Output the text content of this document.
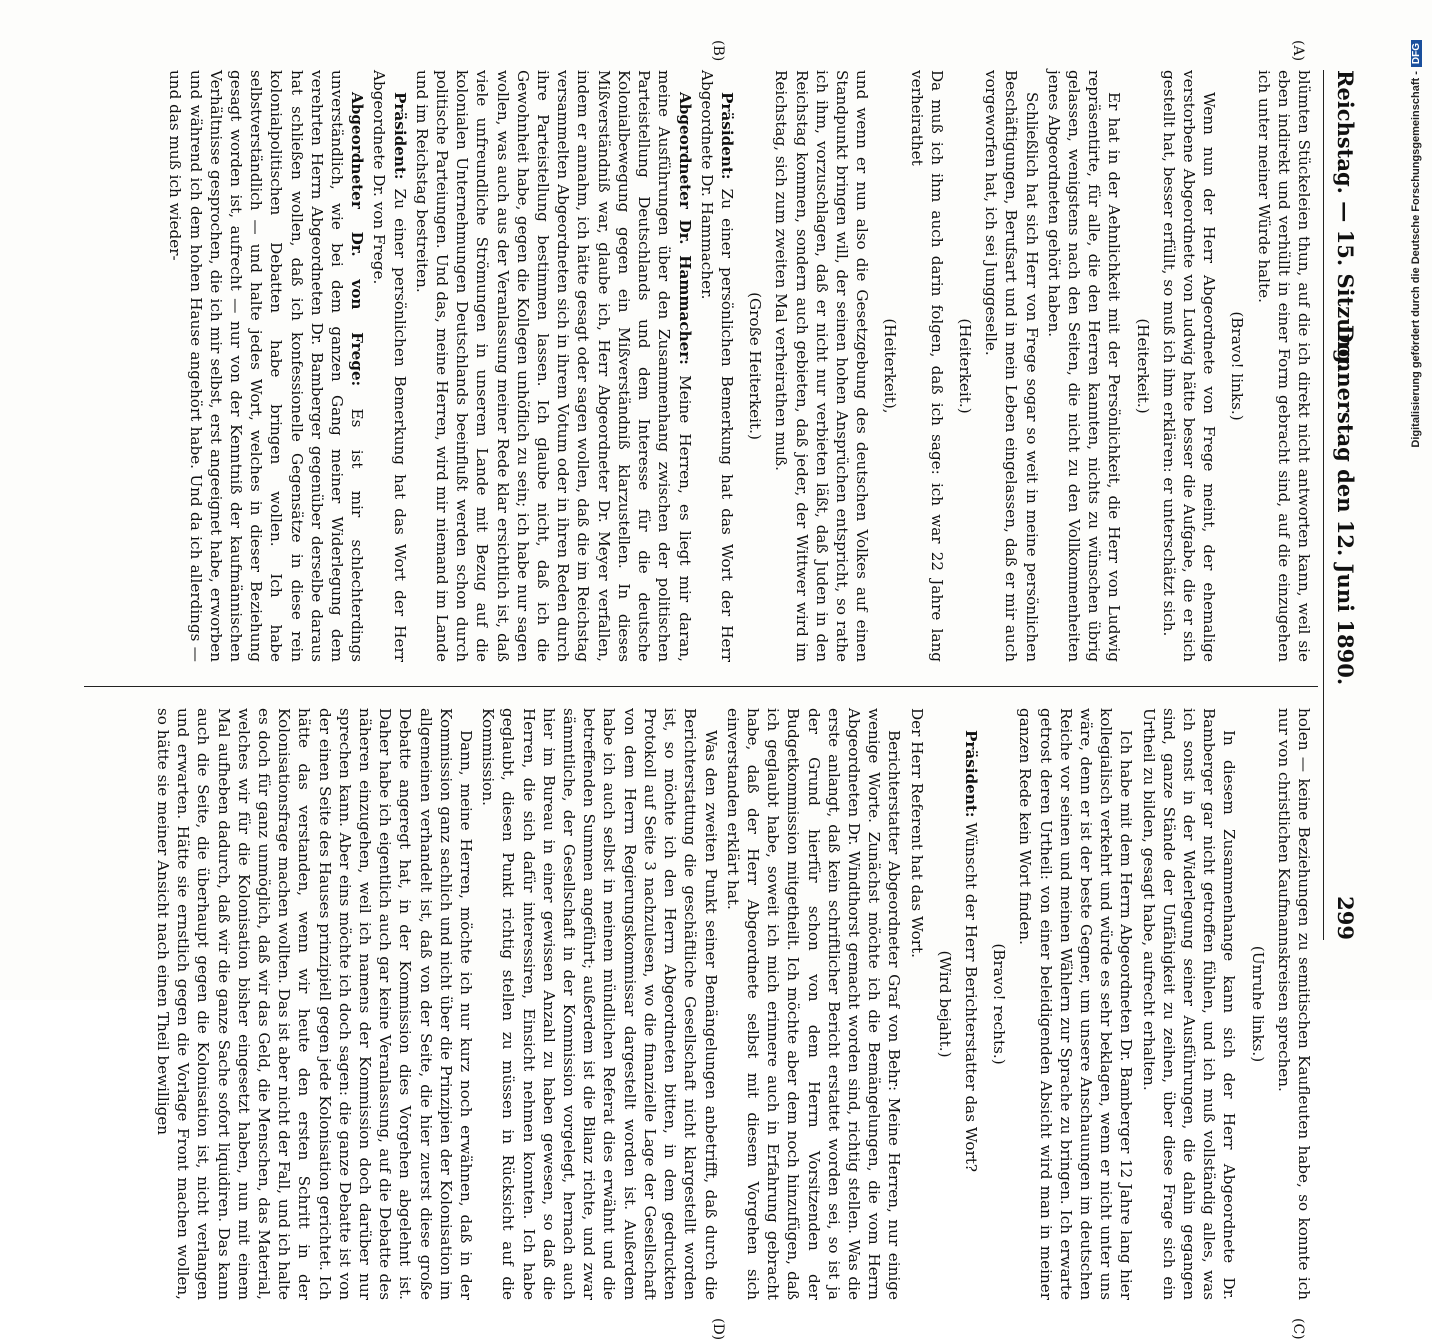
Reichstag. — 15. Sitzung.
Donnerstag den 12. Juni 1890.
299
(A)
(B)

blümten Stückeleien thun, auf die ich direkt nicht antworten kann, weil sie eben indirekt und verhüllt in einer Form gebracht sind, auf die einzugehen ich unter meiner Würde halte.

(Bravo! links.)

Wenn nun der Herr Abgeordnete von Frege meint, der ehemalige verstorbene Abgeordnete von Ludwig hätte besser die Aufgabe, die er sich gestellt hat, besser erfüllt, so muß ich ihm erklären: er unterschätzt sich.

(Heiterkeit.)

Er hat in der Aehnlichkeit mit der Persönlichkeit, die Herr von Ludwig repräsentirte, für alle, die den Herren kannten, nichts zu wünschen übrig gelassen, wenigstens nach den Seiten, die nicht zu den Vollkommenheiten jenes Abgeordneten gehört haben.

Schließlich hat sich Herr von Frege sogar so weit in meine persönlichen Beschäftigungen, Berufsart und in mein Leben eingelassen, daß er mir auch vorgeworfen hat, ich sei Junggeselle.

(Heiterkeit.)

Da muß ich ihm auch darin folgen, daß ich sage: ich war 22 Jahre lang verheirathet

(Heiterkeit),

und wenn er nun also die Gesetzgebung des deutschen Volkes auf einen Standpunkt bringen will, der seinen hohen Ansprüchen entspricht, so rathe ich ihm, vorzuschlagen, daß er nicht nur verbieten läßt, daß Juden in den Reichstag kommen, sondern auch gebieten, daß jeder, der Wittwer wird im Reichstag, sich zum zweiten Mal verheirathen muß.

(Große Heiterkeit.)

Präsident: Zu einer persönlichen Bemerkung hat das Wort der Herr Abgeordnete Dr. Hammacher.

Abgeordneter Dr. Hammacher: Meine Herren, es liegt mir daran, meine Ausführungen über den Zusammenhang zwischen der politischen Parteistellung Deutschlands und dem Interesse für die deutsche Kolonialbewegung gegen ein Mißverständniß klarzustellen. In dieses Mißverständniß war, glaube ich, Herr Abgeordneter Dr. Meyer verfallen, indem er annahm, ich hätte gesagt oder sagen wollen, daß die im Reichstag versammelten Abgeordneten sich in ihrem Votum oder in ihren Reden durch ihre Parteistellung bestimmen lassen. Ich glaube nicht, daß ich die Gewohnheit habe, gegen die Kollegen unhöflich zu sein; ich habe nur sagen wollen, was auch aus der Veranlassung meiner Rede klar ersichtlich ist, daß viele unfreundliche Strömungen in unserem Lande mit Bezug auf die kolonialen Unternehmungen Deutschlands beeinflußt werden schon durch politische Parteiungen. Und das, meine Herren, wird mir niemand im Lande und im Reichstag bestreiten.

Präsident: Zu einer persönlichen Bemerkung hat das Wort der Herr Abgeordnete Dr. von Frege.

Abgeordneter Dr. von Frege: Es ist mir schlechterdings unverständlich, wie bei dem ganzen Gang meiner Widerlegung dem verehrten Herrn Abgeordneten Dr. Bamberger gegenüber derselbe daraus hat schließen wollen, daß ich konfessionelle Gegensätze in diese rein kolonialpolitischen Debatten habe bringen wollen. Ich habe selbstverständlich — und halte jedes Wort, welches in dieser Beziehung gesagt worden ist, aufrecht — nur von der Kenntniß der kaufmännischen Verhältnisse gesprochen, die ich mir selbst, erst angeeignet habe, erworben und während ich dem hohen Hause angehört habe. Und da ich allerdings — und das muß ich wieder-

holen — keine Beziehungen zu semitischen Kaufleuten habe, so konnte ich nur von christlichen Kaufmannskreisen sprechen.

(Unruhe links.)

In diesem Zusammenhange kann sich der Herr Abgeordnete Dr. Bamberger gar nicht getroffen fühlen, und ich muß vollständig alles, was ich sonst in der Widerlegung seiner Ausführungen, die dahin gegangen sind, ganze Stände der Unfähigkeit zu zeihen, über diese Frage sich ein Urtheil zu bilden, gesagt habe, aufrecht erhalten.

Ich habe mit dem Herrn Abgeordneten Dr. Bamberger 12 Jahre lang hier kollegialisch verkehrt und würde es sehr beklagen, wenn er nicht unter uns wäre, denn er ist der beste Gegner, um unsere Anschauungen im deutschen Reiche vor seinen und meinen Wählern zur Sprache zu bringen. Ich erwarte getrost deren Urtheil: von einer beleidigenden Absicht wird man in meiner ganzen Rede kein Wort finden.

(Bravo! rechts.)

Präsident: Wünscht der Herr Berichterstatter das Wort?

(Wird bejaht.)

Der Herr Referent hat das Wort.

Berichterstatter Abgeordneter Graf von Behr: Meine Herren, nur einige wenige Worte. Zunächst möchte ich die Bemängelungen, die vom Herrn Abgeordneten Dr. Windthorst gemacht worden sind, richtig stellen. Was die erste anlangt, daß kein schriftlicher Bericht erstattet worden sei, so ist ja der Grund hierfür schon von dem Herrn Vorsitzenden der Budgetkommission mitgetheilt. Ich möchte aber dem noch hinzufügen, daß ich geglaubt habe, soweit ich mich erinnere auch in Erfahrung gebracht habe, daß der Herr Abgeordnete selbst mit diesem Vorgehen sich einverstanden erklärt hat.

Was den zweiten Punkt seiner Bemängelungen anbetrifft, daß durch die Berichterstattung die geschäftliche Gesellschaft nicht klargestellt worden ist, so möchte ich den Herrn Abgeordneten bitten, in dem gedruckten Protokoll auf Seite 3 nachzulesen, wo die finanzielle Lage der Gesellschaft von dem Herrn Regierungskommissar dargestellt worden ist. Außerdem habe ich auch selbst in meinem mündlichen Referat dies erwähnt und die betreffenden Summen angeführt; außerdem ist die Bilanz richte, und zwar sämmtliche, der Gesellschaft in der Kommission vorgelegt, hernach auch hier im Bureau in einer gewissen Anzahl zu haben gewesen, so daß die Herren, die sich dafür interessiren, Einsicht nehmen konnten. Ich habe geglaubt, diesen Punkt richtig stellen zu müssen in Rücksicht auf die Kommission.

Dann, meine Herren, möchte ich nur kurz noch erwähnen, daß in der Kommission ganz sachlich und nicht über die Prinzipien der Kolonisation im allgemeinen verhandelt ist, daß von der Seite, die hier zuerst diese große Debatte angeregt hat, in der Kommission dies Vorgehen abgelehnt ist. Daher habe ich eigentlich auch gar keine Veranlassung, auf die Debatte des näheren einzugehen, weil ich namens der Kommission doch darüber nur sprechen kann. Aber eins möchte ich doch sagen: die ganze Debatte ist von der einen Seite des Hauses prinzipiell gegen jede Kolonisation gerichtet. Ich hätte das verstanden, wenn wir heute den ersten Schritt in der Kolonisationsfrage machen wollten. Das ist aber nicht der Fall, und ich halte es doch für ganz unmöglich, daß wir das Geld, die Menschen, das Material, welches wir für die Kolonisation bisher eingesetzt haben, nun mit einem Mal aufheben dadurch, daß wir die ganze Sache sofort liquidiren. Das kann auch die Seite, die überhaupt gegen die Kolonisation ist, nicht verlangen und erwarten. Hätte sie ernstlich gegen die Vorlage Front machen wollen, so hätte sie meiner Ansicht nach einen Theil bewilligen

(C)
(D)
Digitalisierung gefördert durch die Deutsche Forschungsgemeinschaft -DFG
